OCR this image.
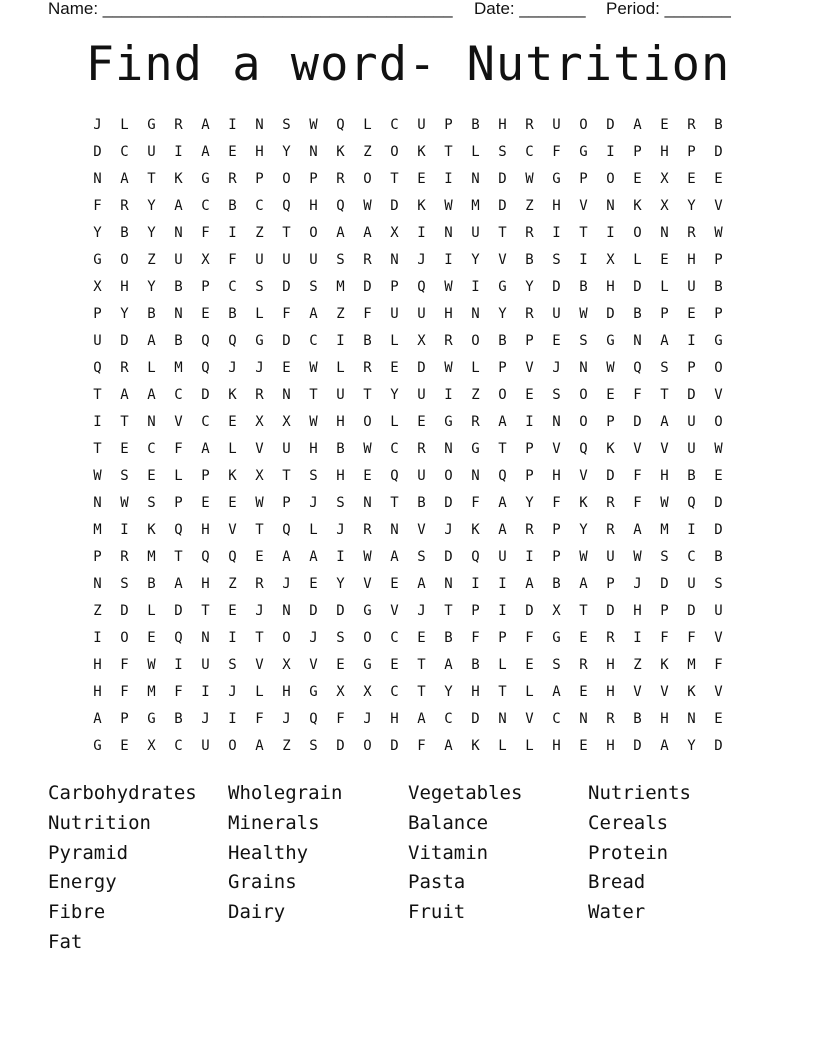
Name: _____________________________________ Date: _______ Period: _______
Find a word- Nutrition
J	L	G	R	A	I	N	S	W	Q	L	C	U	P	B	H	R	U	O	D	A	E	R	B
D	C	U	I	A	E	H	Y	N	K	Z	O	K	T	L	S	C	F	G	I	P	H	P	D
N	A	T	K	G	R	P	O	P	R	O	T	E	I	N	D	W	G	P	O	E	X	E	E
F	R	Y	A	C	B	C	Q	H	Q	W	D	K	W	M	D	Z	H	V	N	K	X	Y	V
Y	B	Y	N	F	I	Z	T	O	A	A	X	I	N	U	T	R	I	T	I	O	N	R	W
G	O	Z	U	X	F	U	U	U	S	R	N	J	I	Y	V	B	S	I	X	L	E	H	P
X	H	Y	B	P	C	S	D	S	M	D	P	Q	W	I	G	Y	D	B	H	D	L	U	B
P	Y	B	N	E	B	L	F	A	Z	F	U	U	H	N	Y	R	U	W	D	B	P	E	P
U	D	A	B	Q	Q	G	D	C	I	B	L	X	R	O	B	P	E	S	G	N	A	I	G
Q	R	L	M	Q	J	J	E	W	L	R	E	D	W	L	P	V	J	N	W	Q	S	P	O
T	A	A	C	D	K	R	N	T	U	T	Y	U	I	Z	O	E	S	O	E	F	T	D	V
I	T	N	V	C	E	X	X	W	H	O	L	E	G	R	A	I	N	O	P	D	A	U	O
T	E	C	F	A	L	V	U	H	B	W	C	R	N	G	T	P	V	Q	K	V	V	U	W
W	S	E	L	P	K	X	T	S	H	E	Q	U	O	N	Q	P	H	V	D	F	H	B	E
N	W	S	P	E	E	W	P	J	S	N	T	B	D	F	A	Y	F	K	R	F	W	Q	D
M	I	K	Q	H	V	T	Q	L	J	R	N	V	J	K	A	R	P	Y	R	A	M	I	D
P	R	M	T	Q	Q	E	A	A	I	W	A	S	D	Q	U	I	P	W	U	W	S	C	B
N	S	B	A	H	Z	R	J	E	Y	V	E	A	N	I	I	A	B	A	P	J	D	U	S
Z	D	L	D	T	E	J	N	D	D	G	V	J	T	P	I	D	X	T	D	H	P	D	U
I	O	E	Q	N	I	T	O	J	S	O	C	E	B	F	P	F	G	E	R	I	F	F	V
H	F	W	I	U	S	V	X	V	E	G	E	T	A	B	L	E	S	R	H	Z	K	M	F
H	F	M	F	I	J	L	H	G	X	X	C	T	Y	H	T	L	A	E	H	V	V	K	V
A	P	G	B	J	I	F	J	Q	F	J	H	A	C	D	N	V	C	N	R	B	H	N	E
G	E	X	C	U	O	A	Z	S	D	O	D	F	A	K	L	L	H	E	H	D	A	Y	D
Carbohydrates	Wholegrain	Vegetables	Nutrients
Nutrition	Minerals	Balance	Cereals
Pyramid	Healthy	Vitamin	Protein
Energy	Grains	Pasta	Bread
Fibre	Dairy	Fruit	Water
Fat
